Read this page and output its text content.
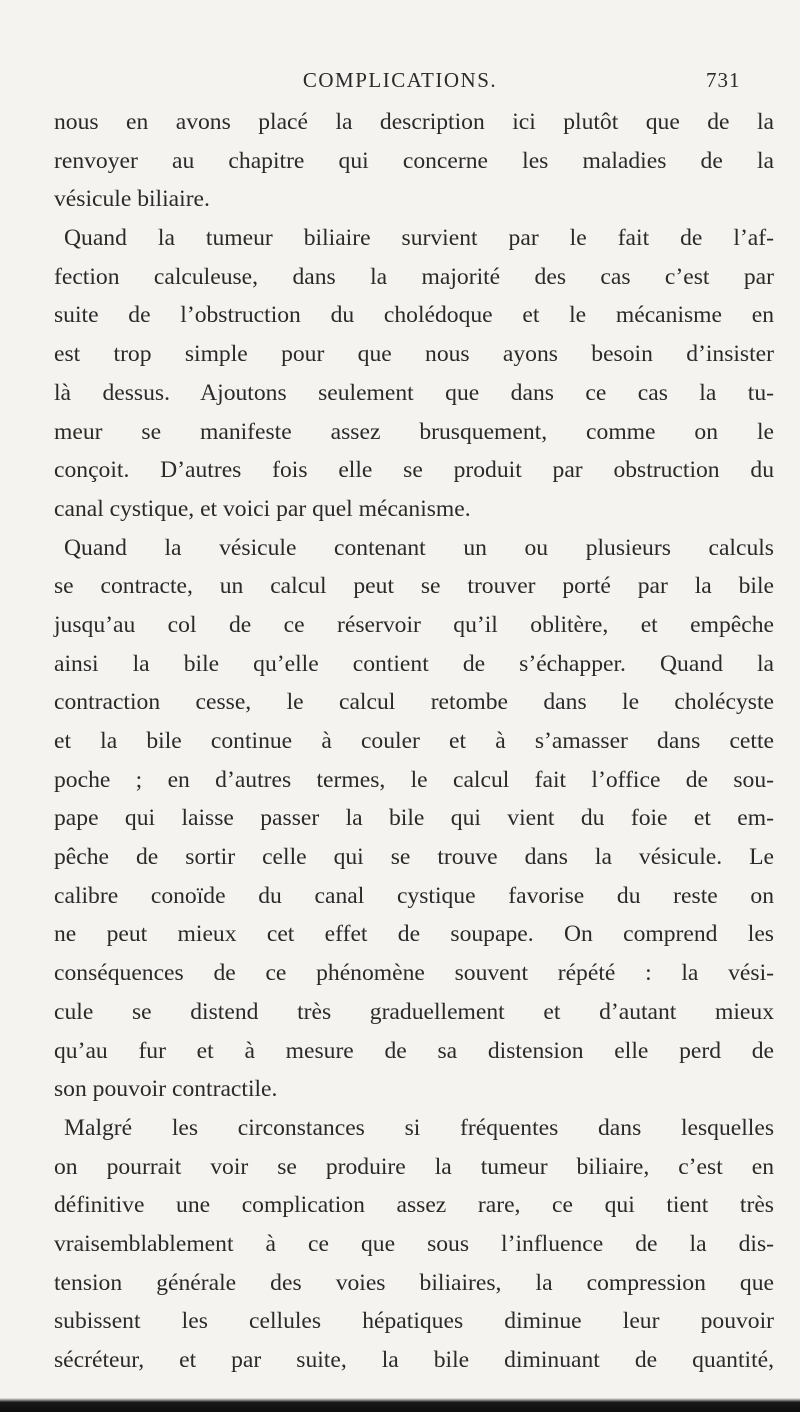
COMPLICATIONS.	731
nous en avons placé la description ici plutôt que de la
renvoyer au chapitre qui concerne les maladies de la
vésicule biliaire.
Quand la tumeur biliaire survient par le fait de l’af-
fection calculeuse, dans la majorité des cas c’est par
suite de l’obstruction du cholédoque et le mécanisme en
est trop simple pour que nous ayons besoin d’insister
là dessus. Ajoutons seulement que dans ce cas la tu-
meur se manifeste assez brusquement, comme on le
conçoit. D’autres fois elle se produit par obstruction du
canal cystique, et voici par quel mécanisme.
Quand la vésicule contenant un ou plusieurs calculs
se contracte, un calcul peut se trouver porté par la bile
jusqu’au col de ce réservoir qu’il oblitère, et empêche
ainsi la bile qu’elle contient de s’échapper. Quand la
contraction cesse, le calcul retombe dans le cholécyste
et la bile continue à couler et à s’amasser dans cette
poche ; en d’autres termes, le calcul fait l’office de sou-
pape qui laisse passer la bile qui vient du foie et em-
pêche de sortir celle qui se trouve dans la vésicule. Le
calibre conoïde du canal cystique favorise du reste on
ne peut mieux cet effet de soupape. On comprend les
conséquences de ce phénomène souvent répété : la vési-
cule se distend très graduellement et d’autant mieux
qu’au fur et à mesure de sa distension elle perd de
son pouvoir contractile.
Malgré les circonstances si fréquentes dans lesquelles
on pourrait voir se produire la tumeur biliaire, c’est en
définitive une complication assez rare, ce qui tient très
vraisemblablement à ce que sous l’influence de la dis-
tension générale des voies biliaires, la compression que
subissent les cellules hépatiques diminue leur pouvoir
sécréteur, et par suite, la bile diminuant de quantité,
